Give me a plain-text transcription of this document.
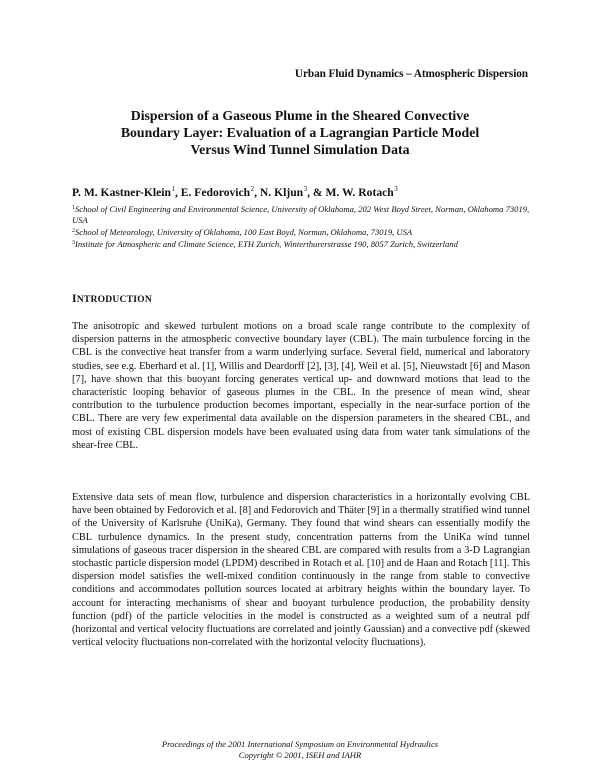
Urban Fluid Dynamics – Atmospheric Dispersion
Dispersion of a Gaseous Plume in the Sheared Convective
Boundary Layer: Evaluation of a Lagrangian Particle Model
Versus Wind Tunnel Simulation Data
P. M. Kastner-Klein$^1$, E. Fedorovich$^2$, N. Kljun$^3$, & M. W. Rotach$^3$
$^1$School of Civil Engineering and Environmental Science, University of Oklahoma, 202 West Boyd Street, Norman, Oklahoma 73019, USA
$^2$School of Meteorology, University of Oklahoma, 100 East Boyd, Norman, Oklahoma, 73019, USA
$^3$Institute for Atmospheric and Climate Science, ETH Zurich, Winterthurerstrasse 190, 8057 Zurich, Switzerland
INTRODUCTION
The anisotropic and skewed turbulent motions on a broad scale range contribute to the complexity of dispersion patterns in the atmospheric convective boundary layer (CBL). The main turbulence forcing in the CBL is the convective heat transfer from a warm underlying surface. Several field, numerical and laboratory studies, see e.g. Eberhard et al. [1], Willis and Deardorff [2], [3], [4], Weil et al. [5], Nieuwstadt [6] and Mason [7], have shown that this buoyant forcing generates vertical up- and downward motions that lead to the characteristic looping behavior of gaseous plumes in the CBL. In the presence of mean wind, shear contribution to the turbulence production becomes important, especially in the near-surface portion of the CBL. There are very few experimental data available on the dispersion parameters in the sheared CBL, and most of existing CBL dispersion models have been evaluated using data from water tank simulations of the shear-free CBL.
Extensive data sets of mean flow, turbulence and dispersion characteristics in a horizontally evolving CBL have been obtained by Fedorovich et al. [8] and Fedorovich and Thäter [9] in a thermally stratified wind tunnel of the University of Karlsruhe (UniKa), Germany. They found that wind shears can essentially modify the CBL turbulence dynamics. In the present study, concentration patterns from the UniKa wind tunnel simulations of gaseous tracer dispersion in the sheared CBL are compared with results from a 3-D Lagrangian stochastic particle dispersion model (LPDM) described in Rotach et al. [10] and de Haan and Rotach [11]. This dispersion model satisfies the well-mixed condition continuously in the range from stable to convective conditions and accommodates pollution sources located at arbitrary heights within the boundary layer. To account for interacting mechanisms of shear and buoyant turbulence production, the probability density function (pdf) of the particle velocities in the model is constructed as a weighted sum of a neutral pdf (horizontal and vertical velocity fluctuations are correlated and jointly Gaussian) and a convective pdf (skewed vertical velocity fluctuations non-correlated with the horizontal velocity fluctuations).
Proceedings of the 2001 International Symposium on Environmental Hydraulics
Copyright © 2001, ISEH and IAHR
